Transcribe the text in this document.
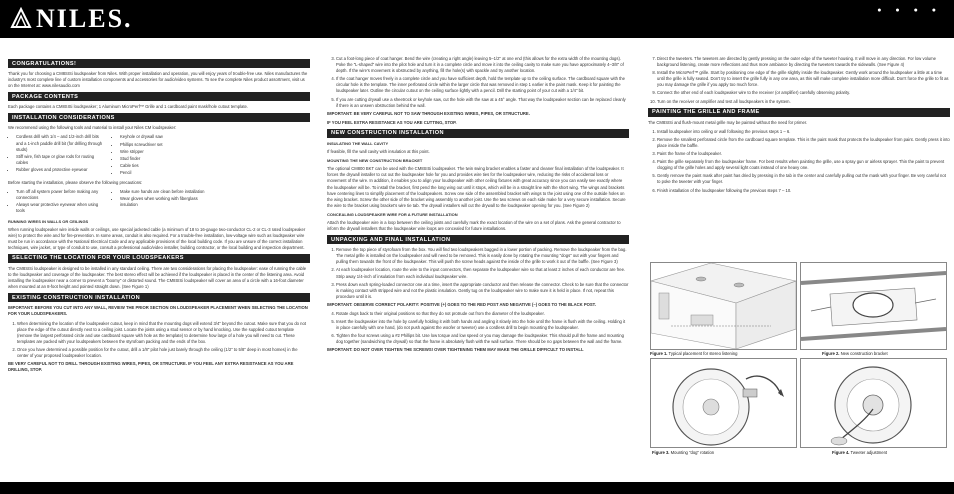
NILES.	● ● ● ●
CONGRATULATIONS!

Thank you for choosing a CM8SISi loudspeaker from Niles. With proper installation and operation, you will enjoy years of trouble-free use. Niles manufactures the industry's most complete line of custom installation components and accessories for audio/video systems. To see the complete Niles product assortment, visit us on the Internet at: www.nilesaudio.com

PACKAGE CONTENTS

Each package contains a CM8SISi loudspeaker; 1 Aluminum MicroPerf™ Grille and 1 cardboard paint mask/hole cutout template.

INSTALLATION CONSIDERATIONS

We recommend using the following tools and material to install your Niles CM loudspeaker:

• Cordless drill with 1/4 – and 1/2-inch drill bits and a 1-inch paddle drill bit (for drilling through studs)
• Stiff wire, fish tape or glow rods for routing cables
• Rubber gloves and protective eyewear
• Keyhole or drywall saw
• Phillips screwdriver set
• Wire stripper
• Stud finder
• Cable ties
• Pencil

Before starting the installation, please observe the following precautions:

• Turn off all system power before making any connections
• Always wear protective eyewear when using tools
• Make sure hands are clean before installation
• Wear gloves when working with fiberglass insulation
RUNNING WIRES IN WALLS OR CEILINGS

When running loudspeaker wire inside walls or ceilings, use special jacketed cable (a minimum of 18 to 16-gauge two-conductor CL-2 or CL-3 rated loudspeaker wire) to protect the wire and for fire-prevention. In some areas, conduit is also required. For a trouble-free installation, low-voltage wire such as loudspeaker wire must be run in accordance with the National Electrical Code and any applicable provisions of the local building code. If you are unsure of the correct installation techniques, wire jacket, or type of conduit to use, consult a professional audio/video installer, building contractor, or the local building and inspection department.

SELECTING THE LOCATION FOR YOUR LOUDSPEAKERS

The CM8SISi loudspeaker is designed to be installed in any standard ceiling. There are two considerations for placing the loudspeaker: ease of running the cable to the loudspeaker and coverage of the loudspeaker. The best stereo effect will be achieved if the loudspeaker is placed in the center of the listening area. Avoid installing the loudspeaker near a corner to prevent a "boomy" or distorted sound. The CM8SISi loudspeaker will cover an area of a circle with a 16-foot diameter when mounted at an 8-foot height and pointed straight down. (See Figure 1)

EXISTING CONSTRUCTION INSTALLATION
IMPORTANT: BEFORE YOU CUT INTO ANY WALL, REVIEW THE PRIOR SECTION ON LOUDSPEAKER PLACEMENT WHEN SELECTING THE LOCATION FOR YOUR LOUDSPEAKERS.
1. When determining the location of the loudspeaker cutout, keep in mind that the mounting dogs will extend 3/4" beyond the cutout. Make sure that you do not place the edge of the cutout directly next to a ceiling joist. Locate the joists using a stud sensor or by hand knocking. Use the supplied cutout template (remove the largest perforated circle and use cardboard square with hole as the template) to determine how large of a hole you will need to cut. These templates are packed with your loudspeakers between the styrofoam packing and the ends of the box.
2. Once you have determined a possible position for the cutout, drill a 1/8" pilot hole just barely through the ceiling (1/2" to 5/8" deep in most homes) in the center of your proposed loudspeaker location.
BE VERY CAREFUL NOT TO DRILL THROUGH EXISTING WIRES, PIPES, OR STRUCTURE. IF YOU FEEL ANY EXTRA RESISTANCE AS YOU ARE DRILLING, STOP.
3. Cut a foot-long piece of coat hanger. Bend the wire (creating a right angle) leaving 5–1/2" at one end (this allows for the extra width of the mounting dogs). Poke the "L-shaped" wire into the pilot hole and turn it in a complete circle and move it into the ceiling cavity to make sure you have approximately 4–3/8" of depth. If the wire's movement is obstructed by anything, fill the hole(s) with spackle and try another location.
4. If the coat hanger moves freely in a complete circle and you have sufficient depth, hold the template up to the ceiling surface. The cardboard square with the circular hole is the template. The inner perforated circle within the larger circle that was removed in step 1 earlier is the paint mask. Keep it for painting the loudspeaker later. Outline the circular cutout on the ceiling surface lightly with a pencil. Drill the starting point of your cut with a 1/4" bit.
5. If you are cutting drywall use a sheetrock or keyhole saw, cut the hole with the saw at a 45° angle. That way the loudspeaker section can be replaced cleanly if there is an unseen obstruction behind the wall.
IMPORTANT: BE VERY CAREFUL NOT TO SAW THROUGH EXISTING WIRES, PIPES, OR STRUCTURE.
IF YOU FEEL EXTRA RESISTANCE AS YOU ARE CUTTING, STOP.
NEW CONSTRUCTION INSTALLATION
INSULATING THE WALL CAVITY

If feasible, fill the wall cavity with insulation at this point.

MOUNTING THE NEW CONSTRUCTION BRACKET

The optional CM800 BKT can be used with the CM8SISi loudspeaker. The twin swing bracket enables a faster and cleaner final installation of the loudspeaker. It forces the drywall installer to cut out the loudspeaker hole for you and provides wire ties for the loudspeaker wire, reducing the risks of accidental loss or movement of the wire. In addition, it enables you to align your loudspeaker with other ceiling fixtures with great accuracy since you can easily see exactly where the loudspeaker will be. To install the bracket, first pend the long wing out until it stops, which will be in a straight line with the short wing. The wings and brackets have centering lines to simplify placement of the loudspeakers. Screw one side of the assembled bracket with wings to the joist using one of the outside holes on the wing bracket. Screw the other side of the bracket wing assembly to another joist. Use the two screws on each side make for a very secure installation. Secure the wire to the bracket using bracket's wire tie tab. The drywall installers will cut the drywall to the loudspeaker opening for you. (See Figure 2)

CONCEALING LOUDSPEAKER WIRE FOR A FUTURE INSTALLATION

Attach the loudspeaker wire in a loop between the ceiling joists and carefully mark the exact location of the wire on a set of plans. Ask the general contractor to inform the drywall installers that the loudspeaker wire loops are concealed for future installations.

UNPACKING AND FINAL INSTALLATION
1. Remove the top piece of styrofoam from the box. You will find two loudspeakers bagged in a lower portion of packing. Remove the loudspeaker from the bag. The metal grille is installed on the loudspeaker and will need to be removed. This is easily done by rotating the mounting "dogs" out with your fingers and pulling them towards the front of the loudspeaker. This will push the screw heads against the inside of the grille to work it out of the baffle. (See Figure 3)
2. At each loudspeaker location, route the wire to the input connectors, then separate the loudspeaker wire so that at least 2 inches of each conductor are free. Strip away 1/4-inch of insulation from each individual loudspeaker wire.
3. Press down each spring-loaded connector one at a time, insert the appropriate conductor and then release the connector. Check to be sure that the connector is making contact with stripped wire and not the plastic insulation. Gently tug on the loudspeaker wire to make sure it is held in place. If not, repeat this procedure until it is.
IMPORTANT: OBSERVE CORRECT POLARITY: POSITIVE (+) GOES TO THE RED POST AND NEGATIVE (–) GOES TO THE BLACK POST.
4. Rotate dogs back to their original positions so that they do not protrude out from the diameter of the loudspeaker.
5. Insert the loudspeaker into the hole by carefully holding it with both hands and angling it slowly into the hole until the frame is flush with the ceiling. Holding it in place carefully with one hand, (do not push against the woofer or tweeter) use a cordless drill to begin mounting the loudspeaker.
6. Tighten the four screws using a #2 Phillips bit. Use low torque and low speed or you may damage the loudspeaker. This should pull the frame and mounting dog together (sandwiching the drywall) so that the frame is absolutely flush with the wall surface. There should be no gaps between the wall and the frame.
IMPORTANT: DO NOT OVER TIGHTEN THE SCREWS! OVER TIGHTENING THEM MAY MAKE THE GRILLE DIFFICULT TO INSTALL
7. Direct the tweeters. The tweeters are directed by gently pressing on the outer edge of the tweeter housing. It will move in any direction. For low volume background listening, create more reflections and thus more ambiance by directing the tweeters towards the sidewalls. (See Figure 4)
8. Install the MicroPerf™ grille. Start by positioning one edge of the grille slightly inside the loudspeaker. Gently work around the loudspeaker a little at a time until the grille is fully seated. Don't try to insert the grille fully in any one area, as this will make complete installation more difficult. Don't force the grille to fit as you may damage the grille if you apply too much force.
9. Connect the other end of each loudspeaker wire to the receiver (or amplifier) carefully observing polarity.
10. Turn on the receiver or amplifier and test all loudspeakers in the system.
PAINTING THE GRILLE AND FRAME

The CM8SISi and flush-mount metal grille may be painted without the need for primer.

1. Install loudspeaker into ceiling or wall following the previous steps 1 – 6.
2. Remove the smallest perforated circle from the cardboard square template. This is the paint mask that protects the loudspeaker from paint. Gently press it into place inside the baffle.
3. Paint the frame of the loudspeaker.
4. Paint the grille separately from the loudspeaker frame. For best results when painting the grille, use a spray gun or airless sprayer. Thin the paint to prevent clogging of the grille holes and apply several light coats instead of one heavy one.
5. Gently remove the paint mask after paint has dried by pressing in the tab in the center and carefully pulling out the mask with your finger. Be very careful not to poke the tweeter with your finger.
6. Finish installation of the loudspeaker following the previous steps 7 – 10.
Figure 1. Typical placement for stereo listening	Figure 2. New construction bracket
Figure 3. Mounting "dog" rotation	Figure 4. Tweeter adjustment
